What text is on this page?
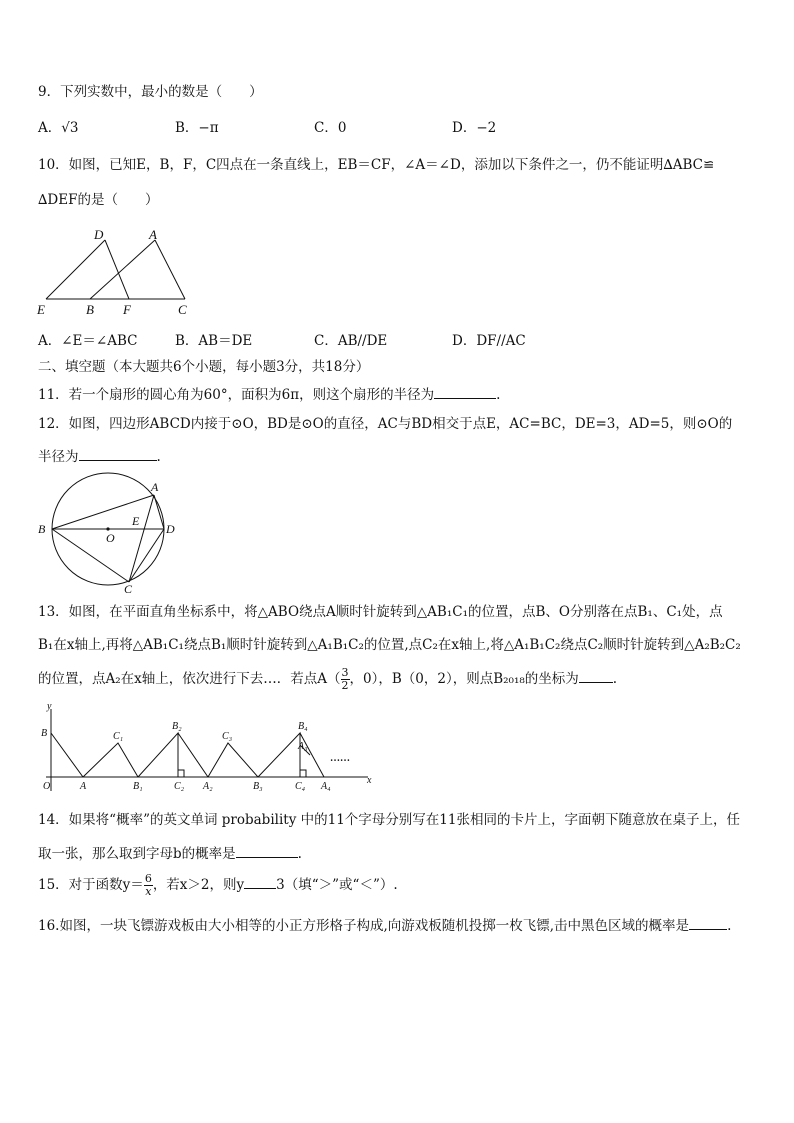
9．下列实数中，最小的数是（　　）
A．√3	B．−π	C．0	D．−2
10．如图，已知E，B，F，C四点在一条直线上，EB＝CF，∠A＝∠D，添加以下条件之一，仍不能证明∆ABC≌
∆DEF的是（　　）
D	A
E	B F	C
A．∠E＝∠ABC	B．AB＝DE	C．AB//DE	D．DF//AC
二、填空题（本大题共6个小题，每小题3分，共18分）
11．若一个扇形的圆心角为60°，面积为6π，则这个扇形的半径为	.
12．如图，四边形ABCD内接于⊙O，BD是⊙O的直径，AC与BD相交于点E，AC=BC，DE=3，AD=5，则⊙O的
半径为	.
A
B
E
O
D
C
13．如图，在平面直角坐标系中，将△ABO绕点A顺时针旋转到△AB₁C₁的位置，点B、O分别落在点B₁、C₁处，点
B₁在x轴上,再将△AB₁C₁绕点B₁顺时针旋转到△A₁B₁C₂的位置,点C₂在x轴上,将△A₁B₁C₂绕点C₂顺时针旋转到△A₂B₂C₂
的位置，点A₂在x轴上，依次进行下去…．若点$A( \frac{3}{2}$ ，0），B（0，2），则点B₂₀₁₈的坐标为	.
y
B	C₁
B₂
C₃
B₄
A₃
O	A	B₁	C₂ A₂	B₃	C₄ A₄
x
……
14．如果将“概率”的英文单词 probability 中的11个字母分别写在11张相同的卡片上，字面朝下随意放在桌子上，任
取一张，那么取到字母b的概率是	.
15．对于函数$y= \frac{6}{x}$ ，若x＞2，则y 3（填“＞”或“＜”）.
16.如图，一块飞镖游戏板由大小相等的小正方形格子构成,向游戏板随机投掷一枚飞镖,击中黑色区域的概率是	.
